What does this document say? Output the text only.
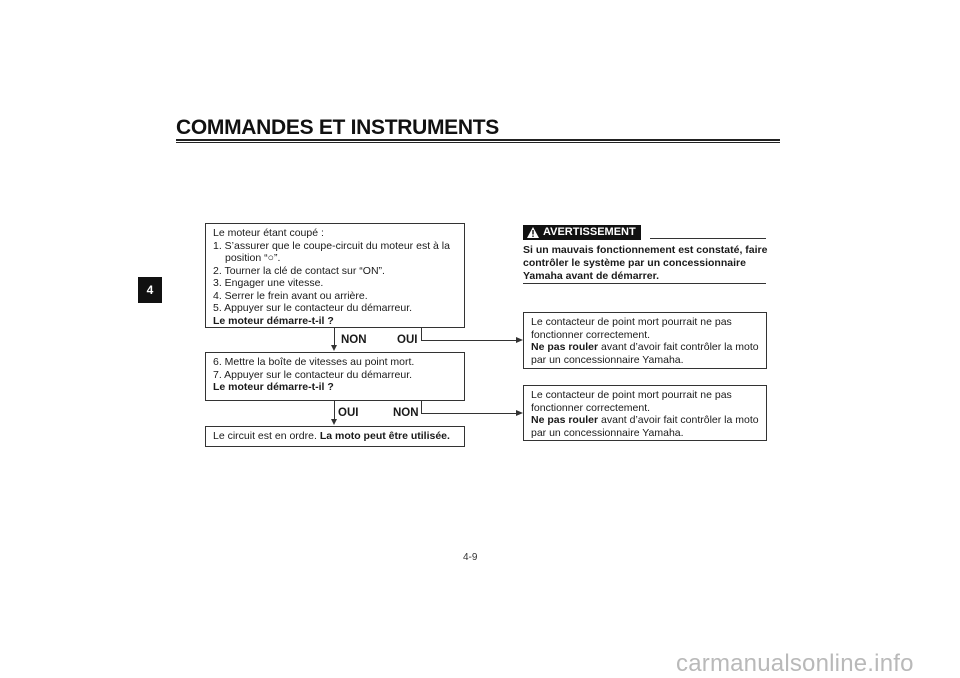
COMMANDES ET INSTRUMENTS
4
Le moteur étant coupé :
1. S’assurer que le coupe-circuit du moteur est à la
position “○”.
2. Tourner la clé de contact sur “ON”.
3. Engager une vitesse.
4. Serrer le frein avant ou arrière.
5. Appuyer sur le contacteur du démarreur.
Le moteur démarre-t-il ?
NON	OUI
6. Mettre la boîte de vitesses au point mort.
7. Appuyer sur le contacteur du démarreur.
Le moteur démarre-t-il ?
OUI	NON
Le circuit est en ordre. La moto peut être utilisée.
AVERTISSEMENT
Si un mauvais fonctionnement est constaté, faire contrôler le système par un concessionnaire Yamaha avant de démarrer.
Le contacteur de point mort pourrait ne pas
fonctionner correctement.
Ne pas rouler avant d’avoir fait contrôler la moto
par un concessionnaire Yamaha.
Le contacteur de point mort pourrait ne pas
fonctionner correctement.
Ne pas rouler avant d’avoir fait contrôler la moto
par un concessionnaire Yamaha.
4-9
carmanualsonline.info
